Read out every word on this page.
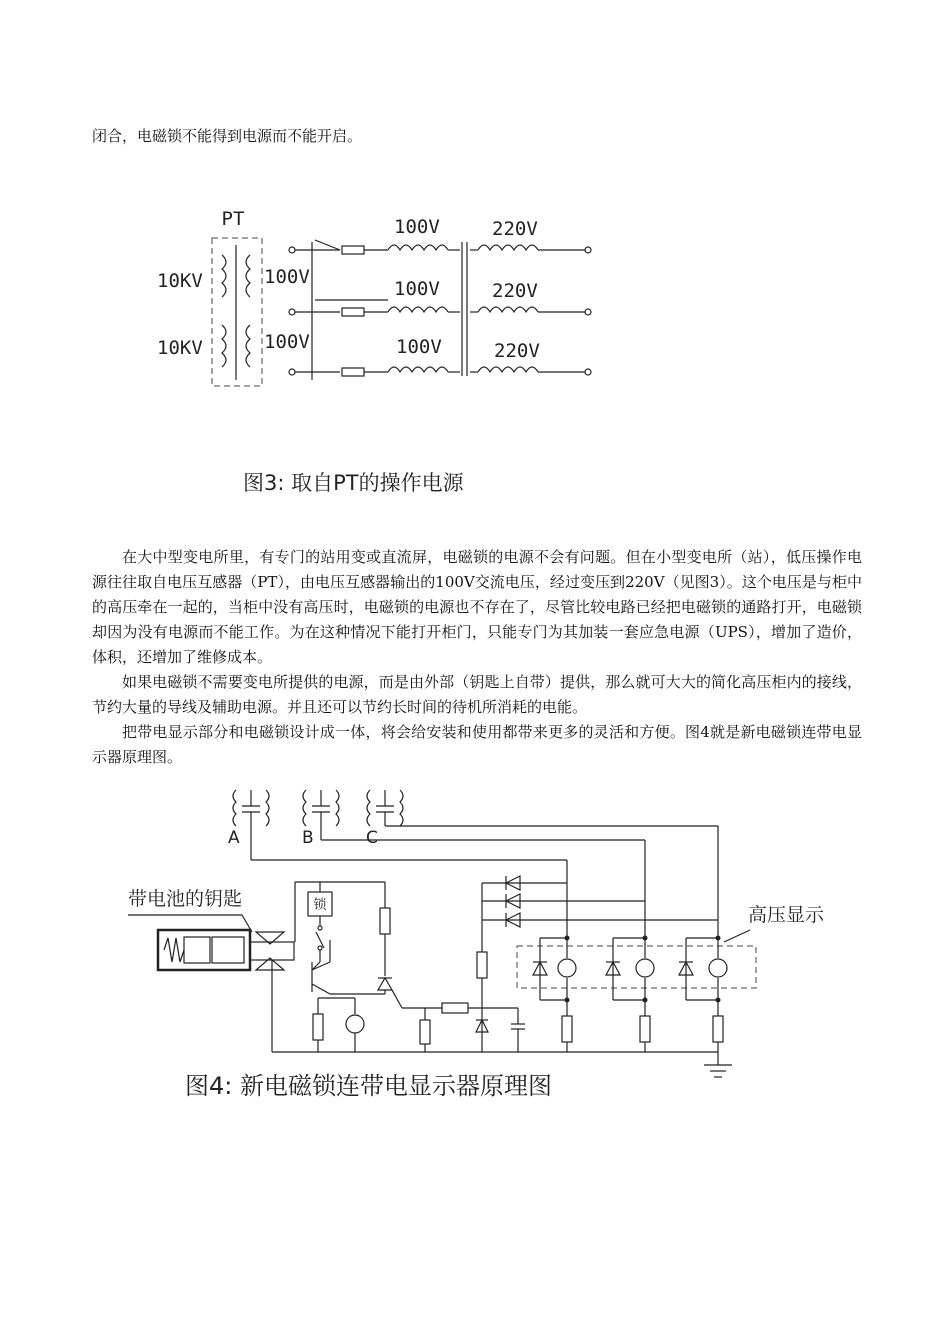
闭合，电磁锁不能得到电源而不能开启。

PT
10KV
10KV
100V
100V
100V
100V
100V
220V
220V
220V
图3: 取自PT的操作电源

在大中型变电所里，有专门的站用变或直流屏，电磁锁的电源不会有问题。但在小型变电所（站），低压操作电源往往取自电压互感器（PT），由电压互感器输出的100V交流电压，经过变压到220V（见图3）。这个电压是与柜中的高压牵在一起的，当柜中没有高压时，电磁锁的电源也不存在了，尽管比较电路已经把电磁锁的通路打开，电磁锁却因为没有电源而不能工作。为在这种情况下能打开柜门，只能专门为其加装一套应急电源（UPS），增加了造价，体积，还增加了维修成本。

如果电磁锁不需要变电所提供的电源，而是由外部（钥匙上自带）提供，那么就可大大的简化高压柜内的接线，节约大量的导线及辅助电源。并且还可以节约长时间的待机所消耗的电能。

把带电显示部分和电磁锁设计成一体，将会给安装和使用都带来更多的灵活和方便。图4就是新电磁锁连带电显示器原理图。

A	B	C
高压显示
带电池的钥匙	锁
图4: 新电磁锁连带电显示器原理图
